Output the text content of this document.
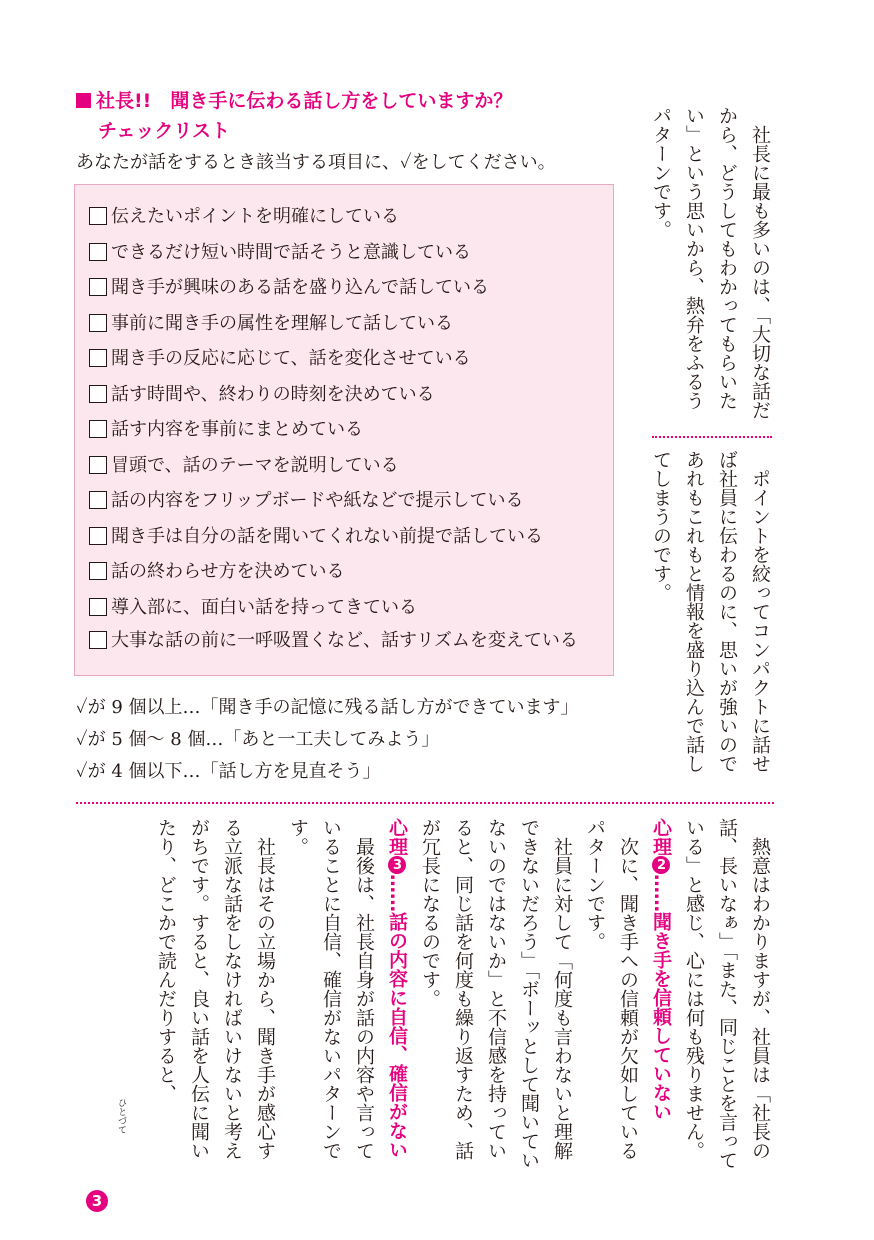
社長!!　聞き手に伝わる話し方をしていますか？
チェックリスト
あなたが話をするとき該当する項目に、✓をしてください。
伝えたいポイントを明確にしている
できるだけ短い時間で話そうと意識している
聞き手が興味のある話を盛り込んで話している
事前に聞き手の属性を理解して話している
聞き手の反応に応じて、話を変化させている
話す時間や、終わりの時刻を決めている
話す内容を事前にまとめている
冒頭で、話のテーマを説明している
話の内容をフリップボードや紙などで提示している
聞き手は自分の話を聞いてくれない前提で話している
話の終わらせ方を決めている
導入部に、面白い話を持ってきている
大事な話の前に一呼吸置くなど、話すリズムを変えている
✓が 9 個以上…「聞き手の記憶に残る話し方ができています」
✓が 5 個～ 8 個…「あと一工夫してみよう」
✓が 4 個以下…「話し方を見直そう」

社長に最も多いのは、「大切な話だから、どうしてもわかってもらいたい」という思いから、熱弁をふるうパターンです。

ポイントを絞ってコンパクトに話せば社員に伝わるのに、思いが強いのであれもこれもと情報を盛り込んで話してしまうのです。

熱意はわかりますが、社員は「社長の話、長いなぁ」「また、同じことを言っている」と感じ、心には何も残りません。

心理2……聞き手を信頼していない

次に、聞き手への信頼が欠如しているパターンです。

社員に対して「何度も言わないと理解できないだろう」「ボーッとして聞いていないのではないか」と不信感を持っていると、同じ話を何度も繰り返すため、話が冗長になるのです。

心理3……話の内容に自信、確信がない

最後は、社長自身が話の内容や言っていることに自信、確信がないパターンです。

社長はその立場から、聞き手が感心する立派な話をしなければいけないと考えがちです。すると、良い話を人伝に聞いたり、どこかで読んだりすると、

ひとづて
3
